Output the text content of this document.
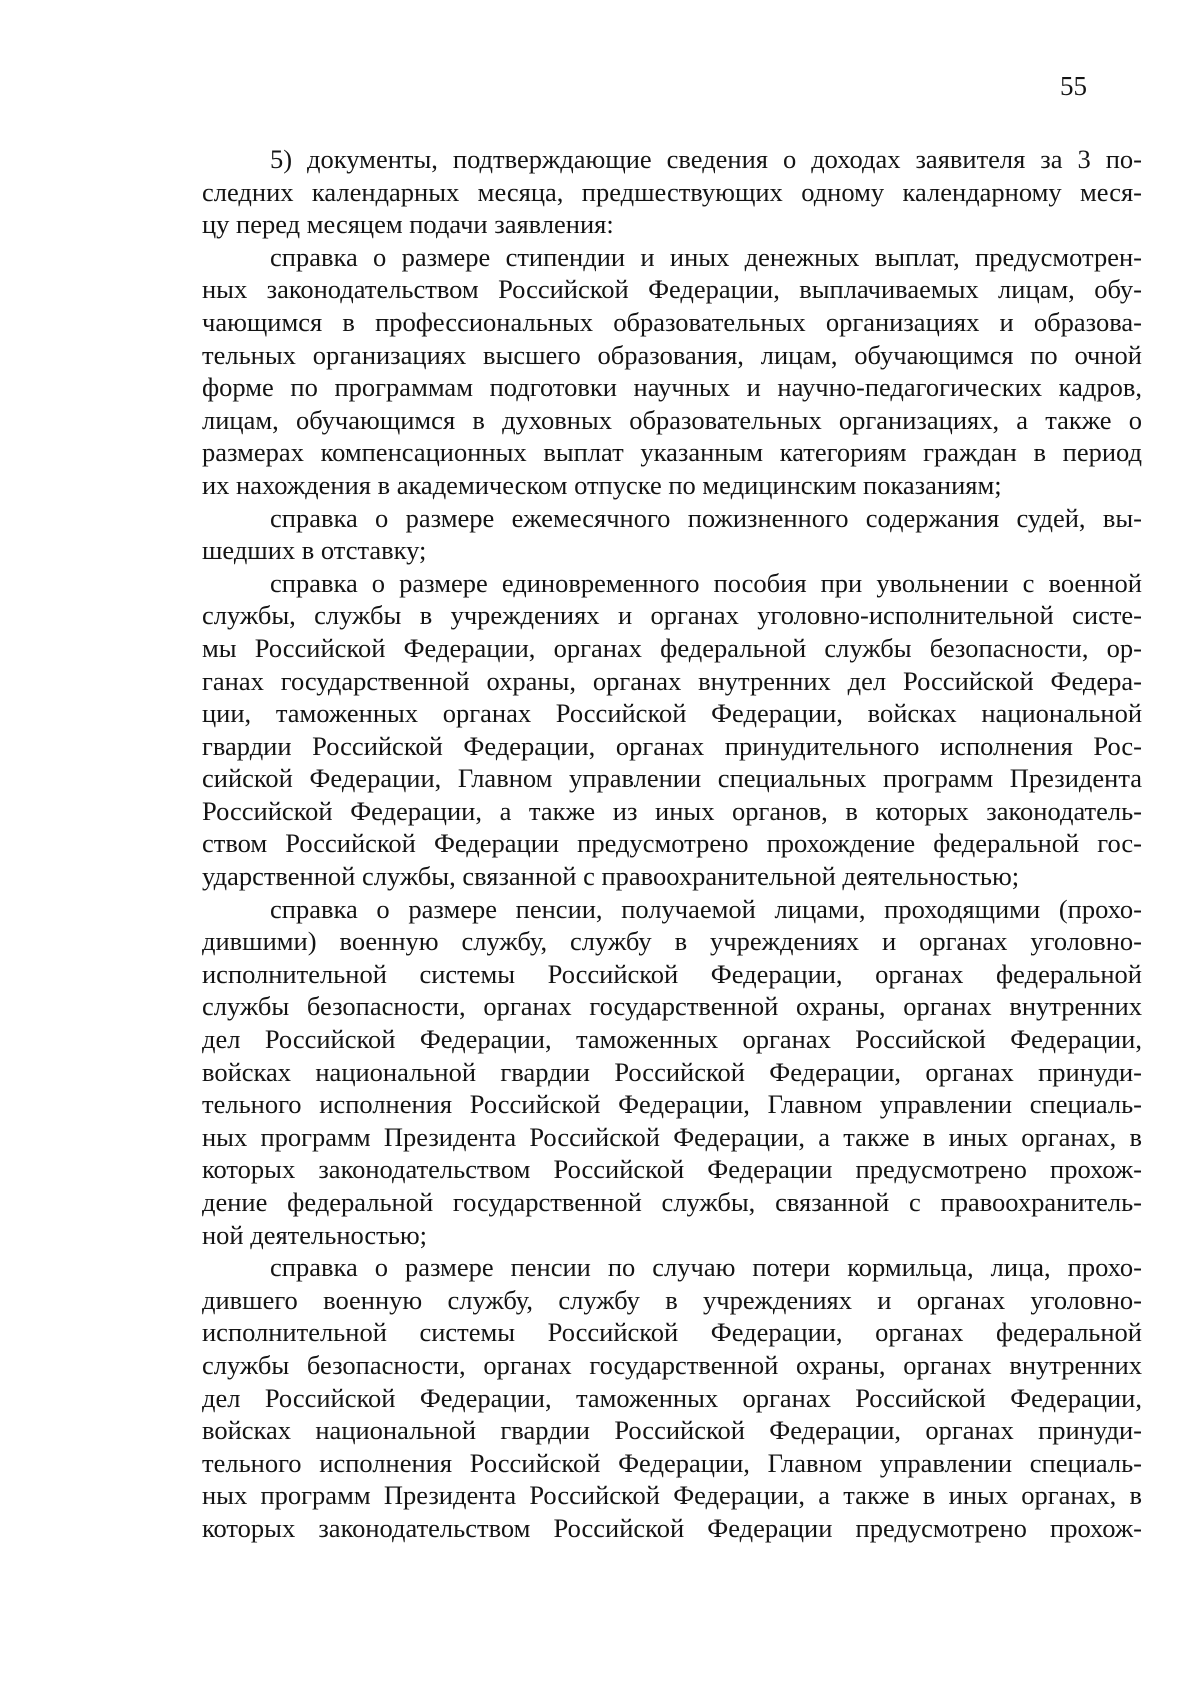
55
5) документы, подтверждающие сведения о доходах заявителя за 3 по-
следних календарных месяца, предшествующих одному календарному меся-
цу перед месяцем подачи заявления:
справка о размере стипендии и иных денежных выплат, предусмотрен-
ных законодательством Российской Федерации, выплачиваемых лицам, обу-
чающимся в профессиональных образовательных организациях и образова-
тельных организациях высшего образования, лицам, обучающимся по очной
форме по программам подготовки научных и научно-педагогических кадров,
лицам, обучающимся в духовных образовательных организациях, а также о
размерах компенсационных выплат указанным категориям граждан в период
их нахождения в академическом отпуске по медицинским показаниям;
справка о размере ежемесячного пожизненного содержания судей, вы-
шедших в отставку;
справка о размере единовременного пособия при увольнении с военной
службы, службы в учреждениях и органах уголовно-исполнительной систе-
мы Российской Федерации, органах федеральной службы безопасности, ор-
ганах государственной охраны, органах внутренних дел Российской Федера-
ции, таможенных органах Российской Федерации, войсках национальной
гвардии Российской Федерации, органах принудительного исполнения Рос-
сийской Федерации, Главном управлении специальных программ Президента
Российской Федерации, а также из иных органов, в которых законодатель-
ством Российской Федерации предусмотрено прохождение федеральной гос-
ударственной службы, связанной с правоохранительной деятельностью;
справка о размере пенсии, получаемой лицами, проходящими (прохо-
дившими) военную службу, службу в учреждениях и органах уголовно-
исполнительной системы Российской Федерации, органах федеральной
службы безопасности, органах государственной охраны, органах внутренних
дел Российской Федерации, таможенных органах Российской Федерации,
войсках национальной гвардии Российской Федерации, органах принуди-
тельного исполнения Российской Федерации, Главном управлении специаль-
ных программ Президента Российской Федерации, а также в иных органах, в
которых законодательством Российской Федерации предусмотрено прохож-
дение федеральной государственной службы, связанной с правоохранитель-
ной деятельностью;
справка о размере пенсии по случаю потери кормильца, лица, прохо-
дившего военную службу, службу в учреждениях и органах уголовно-
исполнительной системы Российской Федерации, органах федеральной
службы безопасности, органах государственной охраны, органах внутренних
дел Российской Федерации, таможенных органах Российской Федерации,
войсках национальной гвардии Российской Федерации, органах принуди-
тельного исполнения Российской Федерации, Главном управлении специаль-
ных программ Президента Российской Федерации, а также в иных органах, в
которых законодательством Российской Федерации предусмотрено прохож-
